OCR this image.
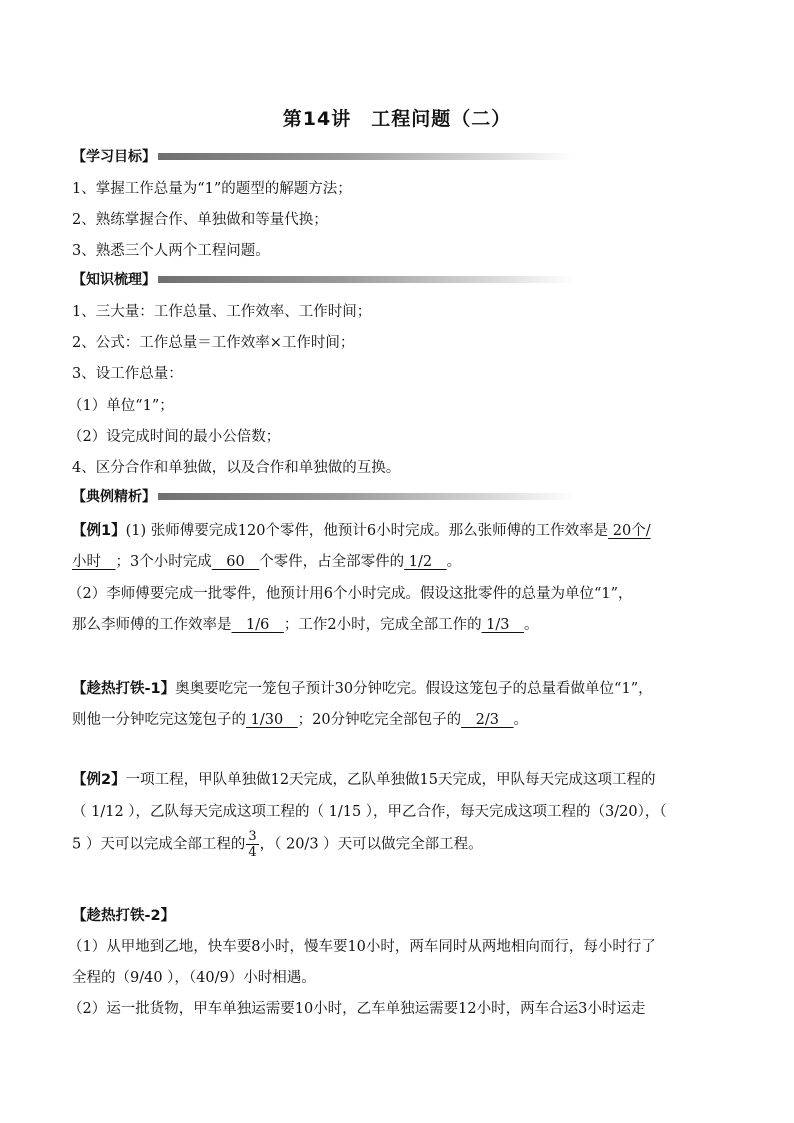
第14讲　工程问题（二）
【学习目标】
1、掌握工作总量为“1”的题型的解题方法；
2、熟练掌握合作、单独做和等量代换；
3、熟悉三个人两个工程问题。
【知识梳理】
1、三大量：工作总量、工作效率、工作时间；
2、公式：工作总量＝工作效率×工作时间；
3、设工作总量：
（1）单位“1”；
（2）设完成时间的最小公倍数；
4、区分合作和单独做，以及合作和单独做的互换。
【典例精析】
【例1】(1) 张师傅要完成120个零件，他预计6小时完成。那么张师傅的工作效率是 20个/
小时　；3个小时完成　60　个零件，占全部零件的 1/2　。
（2）李师傅要完成一批零件，他预计用6个小时完成。假设这批零件的总量为单位“1”，
那么李师傅的工作效率是　1/6　；工作2小时，完成全部工作的 1/3　。
【趁热打铁-1】奥奥要吃完一笼包子预计30分钟吃完。假设这笼包子的总量看做单位“1”，
则他一分钟吃完这笼包子的 1/30　；20分钟吃完全部包子的　2/3　。
【例2】一项工程，甲队单独做12天完成，乙队单独做15天完成，甲队每天完成这项工程的
（ 1/12 ），乙队每天完成这项工程的（ 1/15 ），甲乙合作，每天完成这项工程的（3/20），（
5 ）天可以完成全部工程的 $\frac{3}{4}$ ，（ 20/3 ）天可以做完全部工程。
【趁热打铁-2】
（1）从甲地到乙地，快车要8小时，慢车要10小时，两车同时从两地相向而行，每小时行了
全程的（9/40 ），（40/9）小时相遇。
（2）运一批货物，甲车单独运需要10小时，乙车单独运需要12小时，两车合运3小时运走
